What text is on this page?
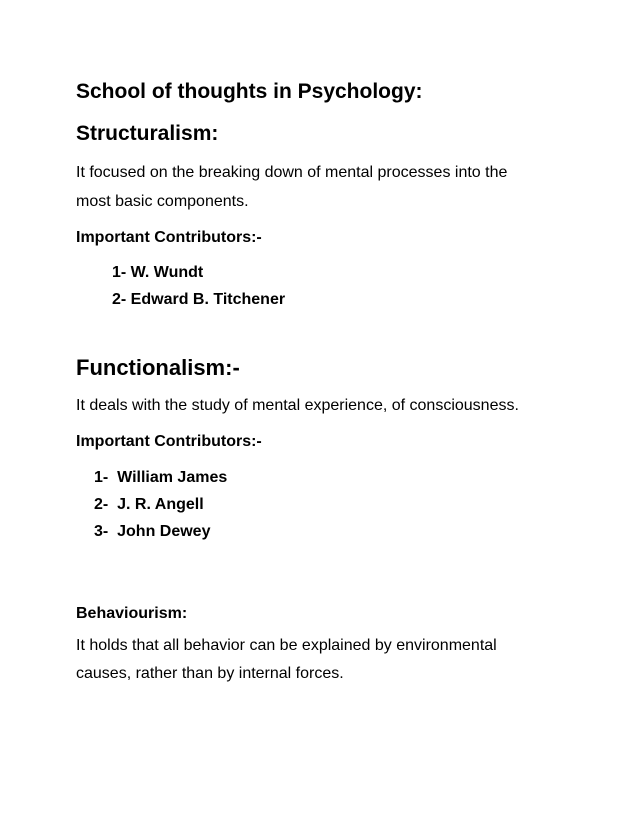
School of thoughts in Psychology:

Structuralism:

It focused on the breaking down of mental processes into the

most basic components.

Important Contributors:-

1- W. Wundt

2- Edward B. Titchener

Functionalism:-

It deals with the study of mental experience, of consciousness.

Important Contributors:-

1-  William James

2-  J. R. Angell

3-  John Dewey

Behaviourism:

It holds that all behavior can be explained by environmental

causes, rather than by internal forces.
